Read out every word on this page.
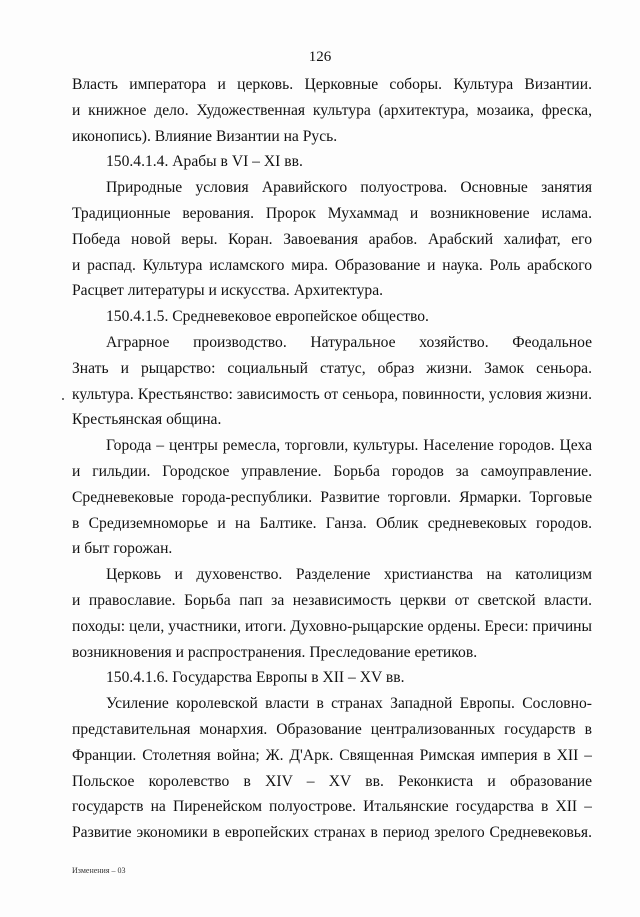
126
Власть императора и церковь. Церковные соборы. Культура Византии.
и книжное дело. Художественная культура (архитектура, мозаика, фреска,
иконопись). Влияние Византии на Русь.
150.4.1.4. Арабы в VI – XI вв.
Природные условия Аравийского полуострова. Основные занятия
Традиционные верования. Пророк Мухаммад и возникновение ислама.
Победа новой веры. Коран. Завоевания арабов. Арабский халифат, его
и распад. Культура исламского мира. Образование и наука. Роль арабского
Расцвет литературы и искусства. Архитектура.
150.4.1.5. Средневековое европейское общество.
Аграрное производство. Натуральное хозяйство. Феодальное
Знать и рыцарство: социальный статус, образ жизни. Замок сеньора.
культура. Крестьянство: зависимость от сеньора, повинности, условия жизни.
Крестьянская община.
Города – центры ремесла, торговли, культуры. Население городов. Цеха
и гильдии. Городское управление. Борьба городов за самоуправление.
Средневековые города-республики. Развитие торговли. Ярмарки. Торговые
в Средиземноморье и на Балтике. Ганза. Облик средневековых городов.
и быт горожан.
Церковь и духовенство. Разделение христианства на католицизм
и православие. Борьба пап за независимость церкви от светской власти.
походы: цели, участники, итоги. Духовно-рыцарские ордены. Ереси: причины
возникновения и распространения. Преследование еретиков.
150.4.1.6. Государства Европы в XII – XV вв.
Усиление королевской власти в странах Западной Европы. Сословно-
представительная монархия. Образование централизованных государств в
Франции. Столетняя война; Ж. Д'Арк. Священная Римская империя в XII –
Польское королевство в XIV – XV вв. Реконкиста и образование
государств на Пиренейском полуострове. Итальянские государства в XII –
Развитие экономики в европейских странах в период зрелого Средневековья.
Изменения – 03
